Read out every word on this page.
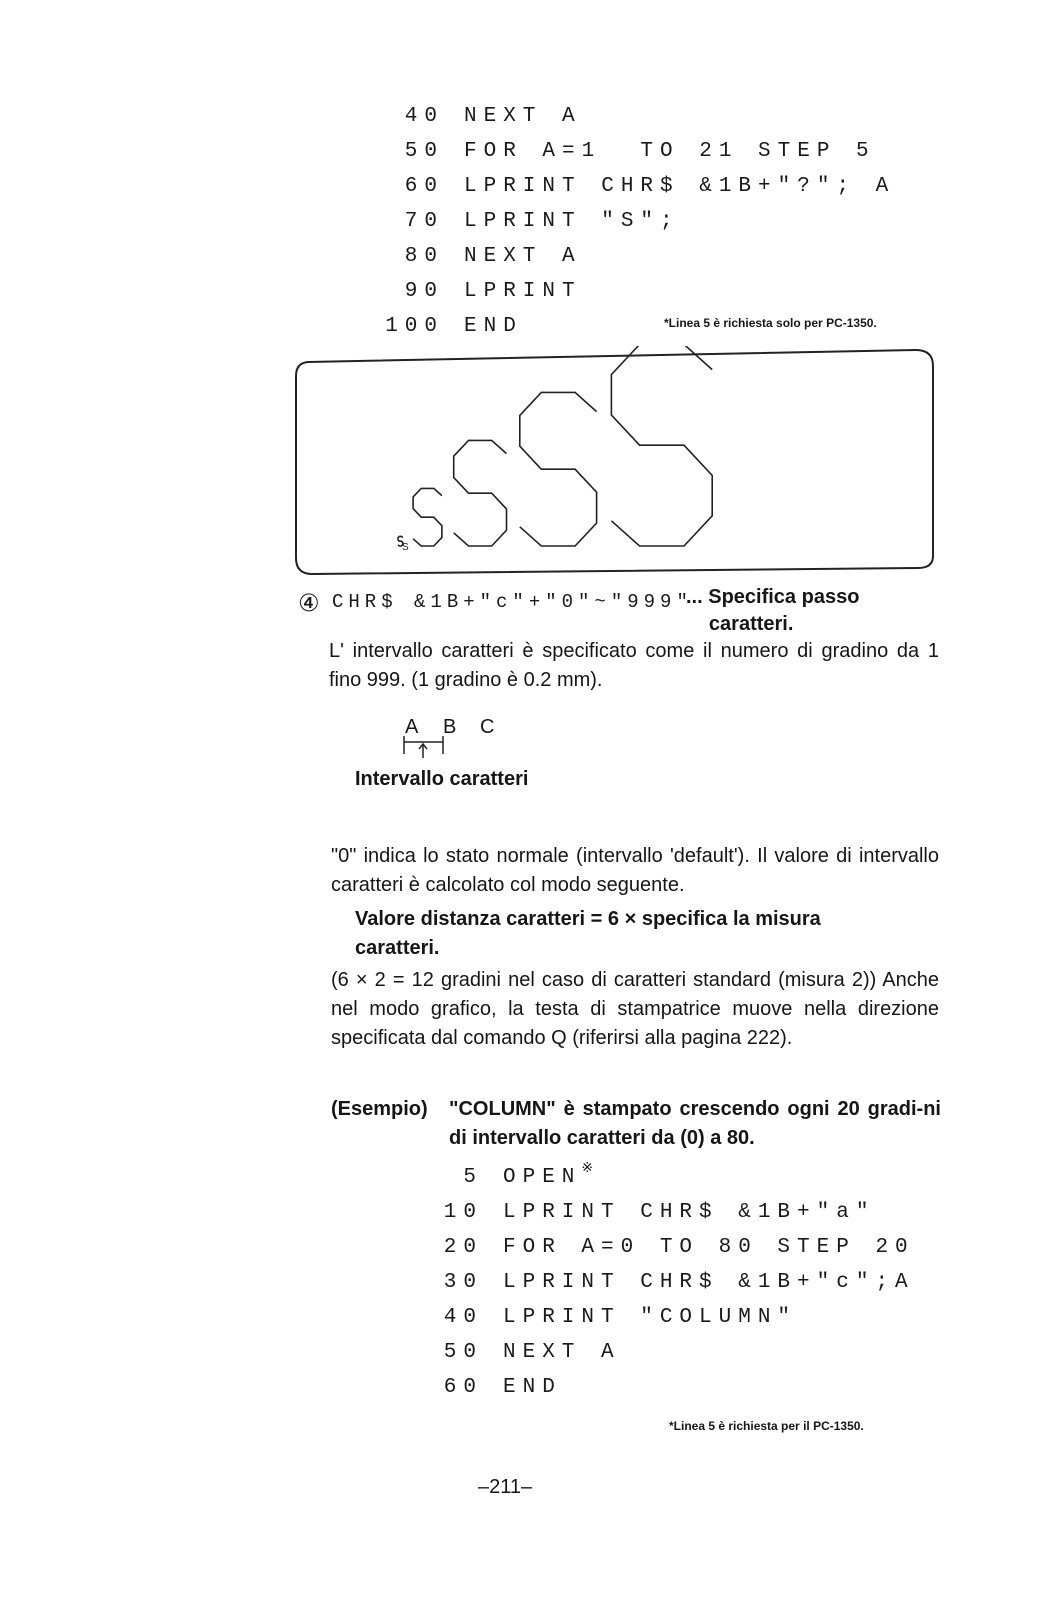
40 NEXT A
50 FOR A=1  TO 21 STEP 5
60 LPRINT CHR$ &1B+"?"; A
70 LPRINT "S";
80 NEXT A
90 LPRINT
100 END	*Linea 5 è richiesta solo per PC-1350.
S
④ CHR$ &1B+"c"+"0"~"999"
... Specifica passo
caratteri.
L' intervallo caratteri è specificato come il numero di gradino da 1 fino 999. (1 gradino è 0.2 mm).
A B C
Intervallo caratteri
"0" indica lo stato normale (intervallo 'default'). Il valore di intervallo caratteri è calcolato col modo seguente.
Valore distanza caratteri = 6 × specifica la misura caratteri.
(6 × 2 = 12 gradini nel caso di caratteri standard (misura 2)) Anche nel modo grafico, la testa di stampatrice muove nella direzione specificata dal comando Q (riferirsi alla pagina 222).
(Esempio) "COLUMN" è stampato crescendo ogni 20 gradi-ni di intervallo caratteri da (0) a 80.
5 OPEN※
10 LPRINT CHR$ &1B+"a"
20 FOR A=0 TO 80 STEP 20
30 LPRINT CHR$ &1B+"c";A
40 LPRINT "COLUMN"
50 NEXT A
60 END
*Linea 5 è richiesta per il PC-1350.
–211–
